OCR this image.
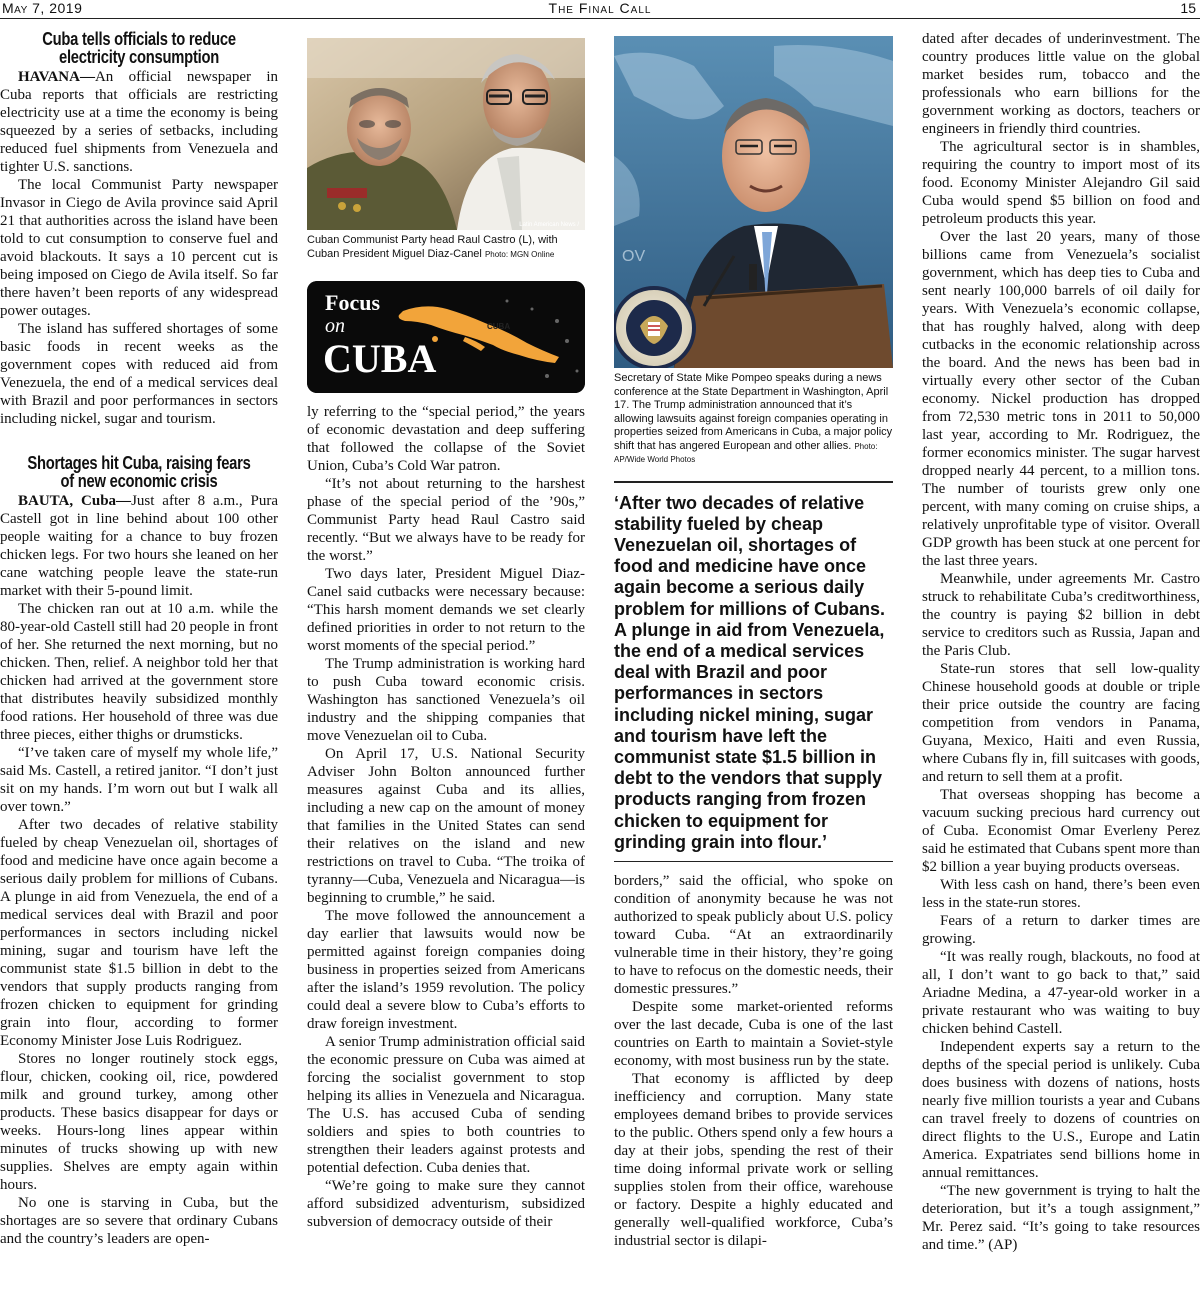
May 7, 2019	The Final Call	15
Cuba tells officials to reduce electricity consumption

HAVANA—An official newspaper in Cuba reports that officials are restricting electricity use at a time the economy is being squeezed by a series of setbacks, including reduced fuel shipments from Venezuela and tighter U.S. sanctions.

The local Communist Party newspaper Invasor in Ciego de Avila province said April 21 that authorities across the island have been told to cut consumption to conserve fuel and avoid blackouts. It says a 10 percent cut is being imposed on Ciego de Avila itself. So far there haven’t been reports of any widespread power outages.

The island has suffered shortages of some basic foods in recent weeks as the government copes with reduced aid from Venezuela, the end of a medical services deal with Brazil and poor performances in sectors including nickel, sugar and tourism.

Shortages hit Cuba, raising fears of new economic crisis

BAUTA, Cuba—Just after 8 a.m., Pura Castell got in line behind about 100 other people waiting for a chance to buy frozen chicken legs. For two hours she leaned on her cane watching people leave the state-run market with their 5-pound limit.

The chicken ran out at 10 a.m. while the 80-year-old Castell still had 20 people in front of her. She returned the next morning, but no chicken. Then, relief. A neighbor told her that chicken had arrived at the government store that distributes heavily subsidized monthly food rations. Her household of three was due three pieces, either thighs or drumsticks.

“I’ve taken care of myself my whole life,” said Ms. Castell, a retired janitor. “I don’t just sit on my hands. I’m worn out but I walk all over town.”

After two decades of relative stability fueled by cheap Venezuelan oil, shortages of food and medicine have once again become a serious daily problem for millions of Cubans. A plunge in aid from Venezuela, the end of a medical services deal with Brazil and poor performances in sectors including nickel mining, sugar and tourism have left the communist state $1.5 billion in debt to the vendors that supply products ranging from frozen chicken to equipment for grinding grain into flour, according to former Economy Minister Jose Luis Rodriguez.

Stores no longer routinely stock eggs, flour, chicken, cooking oil, rice, powdered milk and ground turkey, among other products. These basics disappear for days or weeks. Hours-long lines appear within minutes of trucks showing up with new supplies. Shelves are empty again within hours.

No one is starving in Cuba, but the shortages are so severe that ordinary Cubans and the country’s leaders are open-

Latin American News /
Cuban Communist Party head Raul Castro (L), with Cuban President Miguel Diaz-Canel Photo: MGN Online
CUBA
Focus
on
CUBA

ly referring to the “special period,” the years of economic devastation and deep suffering that followed the collapse of the Soviet Union, Cuba’s Cold War patron.

“It’s not about returning to the harshest phase of the special period of the ’90s,” Communist Party head Raul Castro said recently. “But we always have to be ready for the worst.”

Two days later, President Miguel Diaz-Canel said cutbacks were necessary because: “This harsh moment demands we set clearly defined priorities in order to not return to the worst moments of the special period.”

The Trump administration is working hard to push Cuba toward economic crisis. Washington has sanctioned Venezuela’s oil industry and the shipping companies that move Venezuelan oil to Cuba.

On April 17, U.S. National Security Adviser John Bolton announced further measures against Cuba and its allies, including a new cap on the amount of money that families in the United States can send their relatives on the island and new restrictions on travel to Cuba. “The troika of tyranny—Cuba, Venezuela and Nicaragua—is beginning to crumble,” he said.

The move followed the announcement a day earlier that lawsuits would now be permitted against foreign companies doing business in properties seized from Americans after the island’s 1959 revolution. The policy could deal a severe blow to Cuba’s efforts to draw foreign investment.

A senior Trump administration official said the economic pressure on Cuba was aimed at forcing the socialist government to stop helping its allies in Venezuela and Nicaragua. The U.S. has accused Cuba of sending soldiers and spies to both countries to strengthen their leaders against protests and potential defection. Cuba denies that.

“We’re going to make sure they cannot afford subsidized adventurism, subsidized subversion of democracy outside of their

OV
Secretary of State Mike Pompeo speaks during a news conference at the State Department in Washington, April 17. The Trump administration announced that it’s allowing lawsuits against foreign companies operating in properties seized from Americans in Cuba, a major policy shift that has angered European and other allies. Photo: AP/Wide World Photos
‘After two decades of relative stability fueled by cheap Venezuelan oil, shortages of food and medicine have once again become a serious daily problem for millions of Cubans. A plunge in aid from Venezuela, the end of a medical services deal with Brazil and poor performances in sectors including nickel mining, sugar and tourism have left the communist state $1.5 billion in debt to the vendors that supply products ranging from frozen chicken to equipment for grinding grain into flour.’

borders,” said the official, who spoke on condition of anonymity because he was not authorized to speak publicly about U.S. policy toward Cuba. “At an extraordinarily vulnerable time in their history, they’re going to have to refocus on the domestic needs, their domestic pressures.”

Despite some market-oriented reforms over the last decade, Cuba is one of the last countries on Earth to maintain a Soviet-style economy, with most business run by the state.

That economy is afflicted by deep inefficiency and corruption. Many state employees demand bribes to provide services to the public. Others spend only a few hours a day at their jobs, spending the rest of their time doing informal private work or selling supplies stolen from their office, warehouse or factory. Despite a highly educated and generally well-qualified workforce, Cuba’s industrial sector is dilapi-

dated after decades of underinvestment. The country produces little value on the global market besides rum, tobacco and the professionals who earn billions for the government working as doctors, teachers or engineers in friendly third countries.

The agricultural sector is in shambles, requiring the country to import most of its food. Economy Minister Alejandro Gil said Cuba would spend $5 billion on food and petroleum products this year.

Over the last 20 years, many of those billions came from Venezuela’s socialist government, which has deep ties to Cuba and sent nearly 100,000 barrels of oil daily for years. With Venezuela’s economic collapse, that has roughly halved, along with deep cutbacks in the economic relationship across the board. And the news has been bad in virtually every other sector of the Cuban economy. Nickel production has dropped from 72,530 metric tons in 2011 to 50,000 last year, according to Mr. Rodriguez, the former economics minister. The sugar harvest dropped nearly 44 percent, to a million tons. The number of tourists grew only one percent, with many coming on cruise ships, a relatively unprofitable type of visitor. Overall GDP growth has been stuck at one percent for the last three years.

Meanwhile, under agreements Mr. Castro struck to rehabilitate Cuba’s creditworthiness, the country is paying $2 billion in debt service to creditors such as Russia, Japan and the Paris Club.

State-run stores that sell low-quality Chinese household goods at double or triple their price outside the country are facing competition from vendors in Panama, Guyana, Mexico, Haiti and even Russia, where Cubans fly in, fill suitcases with goods, and return to sell them at a profit.

That overseas shopping has become a vacuum sucking precious hard currency out of Cuba. Economist Omar Everleny Perez said he estimated that Cubans spent more than $2 billion a year buying products overseas.

With less cash on hand, there’s been even less in the state-run stores.

Fears of a return to darker times are growing.

“It was really rough, blackouts, no food at all, I don’t want to go back to that,” said Ariadne Medina, a 47-year-old worker in a private restaurant who was waiting to buy chicken behind Castell.

Independent experts say a return to the depths of the special period is unlikely. Cuba does business with dozens of nations, hosts nearly five million tourists a year and Cubans can travel freely to dozens of countries on direct flights to the U.S., Europe and Latin America. Expatriates send billions home in annual remittances.

“The new government is trying to halt the deterioration, but it’s a tough assignment,” Mr. Perez said. “It’s going to take resources and time.” (AP)
